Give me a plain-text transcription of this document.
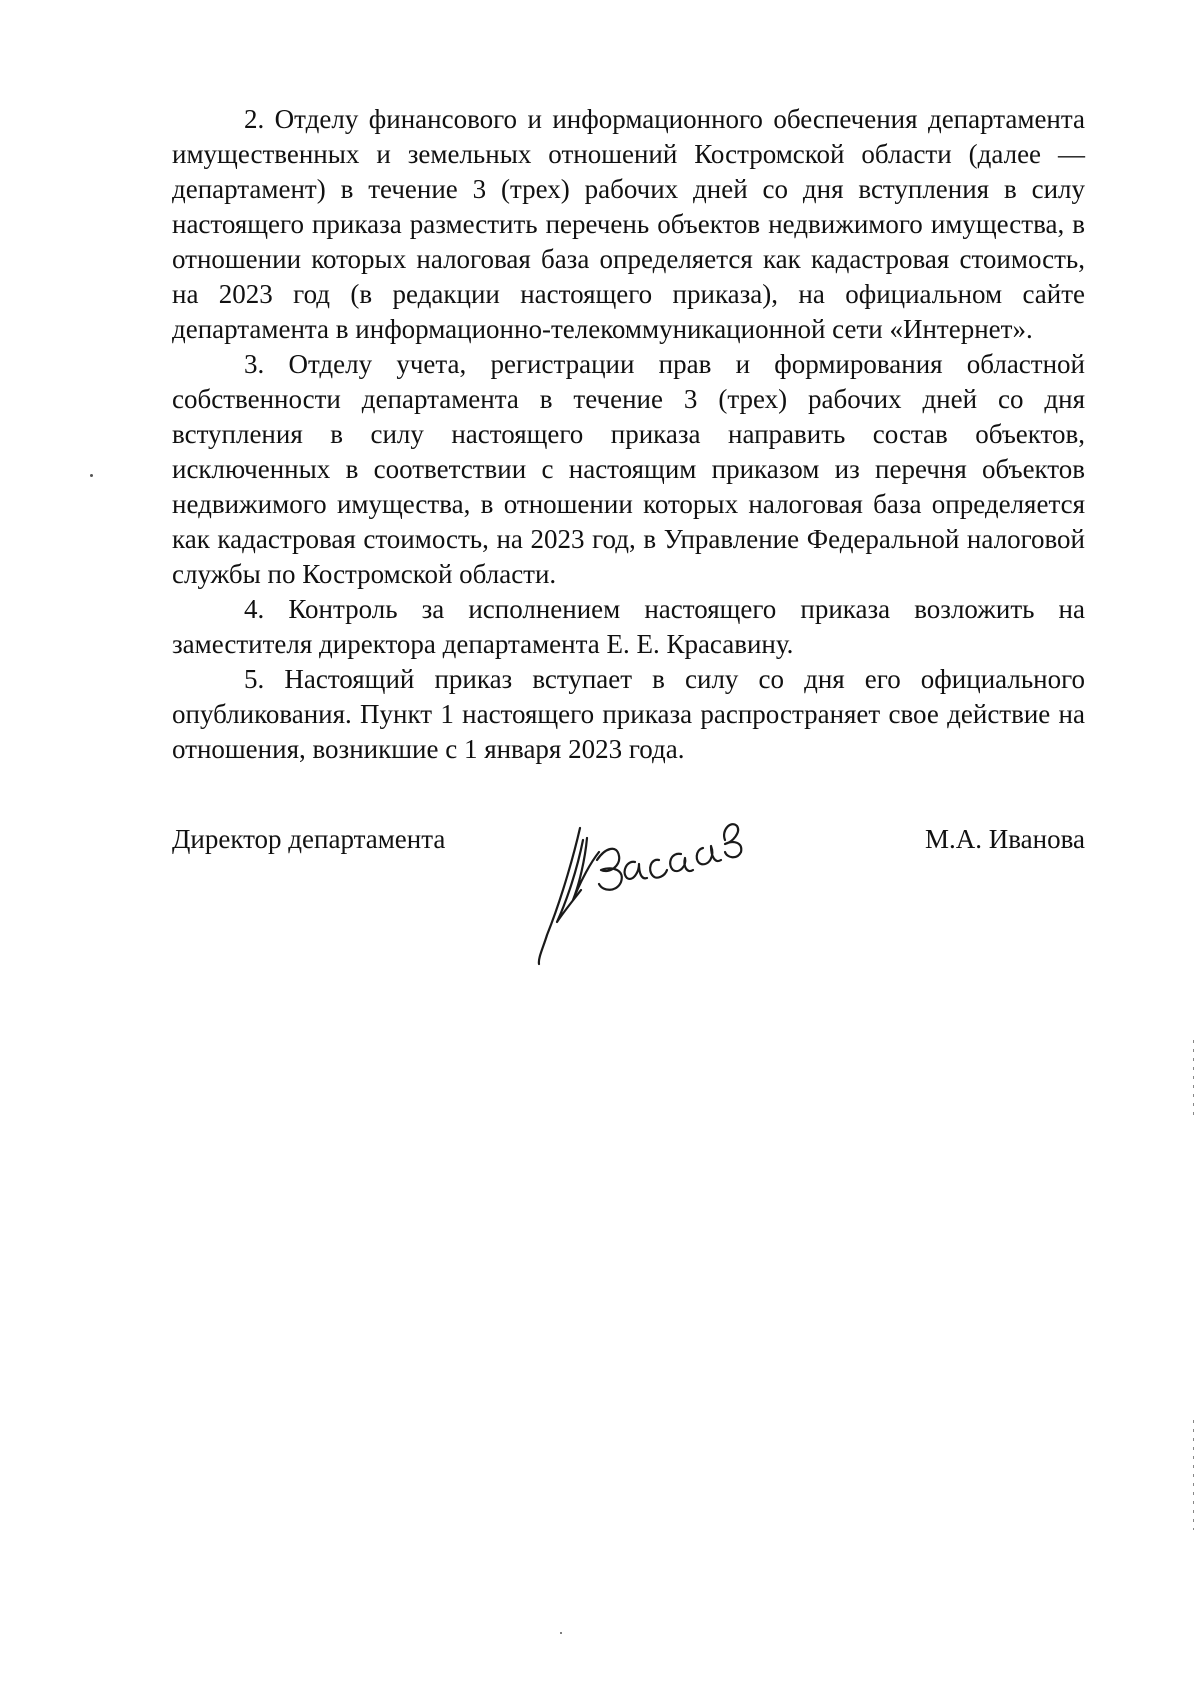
2. Отделу финансового и информационного обеспечения департамента имущественных и земельных отношений Костромской области (далее — департамент) в течение 3 (трех) рабочих дней со дня вступления в силу настоящего приказа разместить перечень объектов недвижимого имущества, в отношении которых налоговая база определяется как кадастровая стоимость, на 2023 год (в редакции настоящего приказа), на официальном сайте департамента в информационно-телекоммуникационной сети «Интернет».

3. Отделу учета, регистрации прав и формирования областной собственности департамента в течение 3 (трех) рабочих дней со дня вступления в силу настоящего приказа направить состав объектов, исключенных в соответствии с настоящим приказом из перечня объектов недвижимого имущества, в отношении которых налоговая база определяется как кадастровая стоимость, на 2023 год, в Управление Федеральной налоговой службы по Костромской области.

4. Контроль за исполнением настоящего приказа возложить на заместителя директора департамента Е. Е. Красавину.

5. Настоящий приказ вступает в силу со дня его официального опубликования. Пункт 1 настоящего приказа распространяет свое действие на отношения, возникшие с 1 января 2023 года.

Директор департамента	М.А. Иванова
